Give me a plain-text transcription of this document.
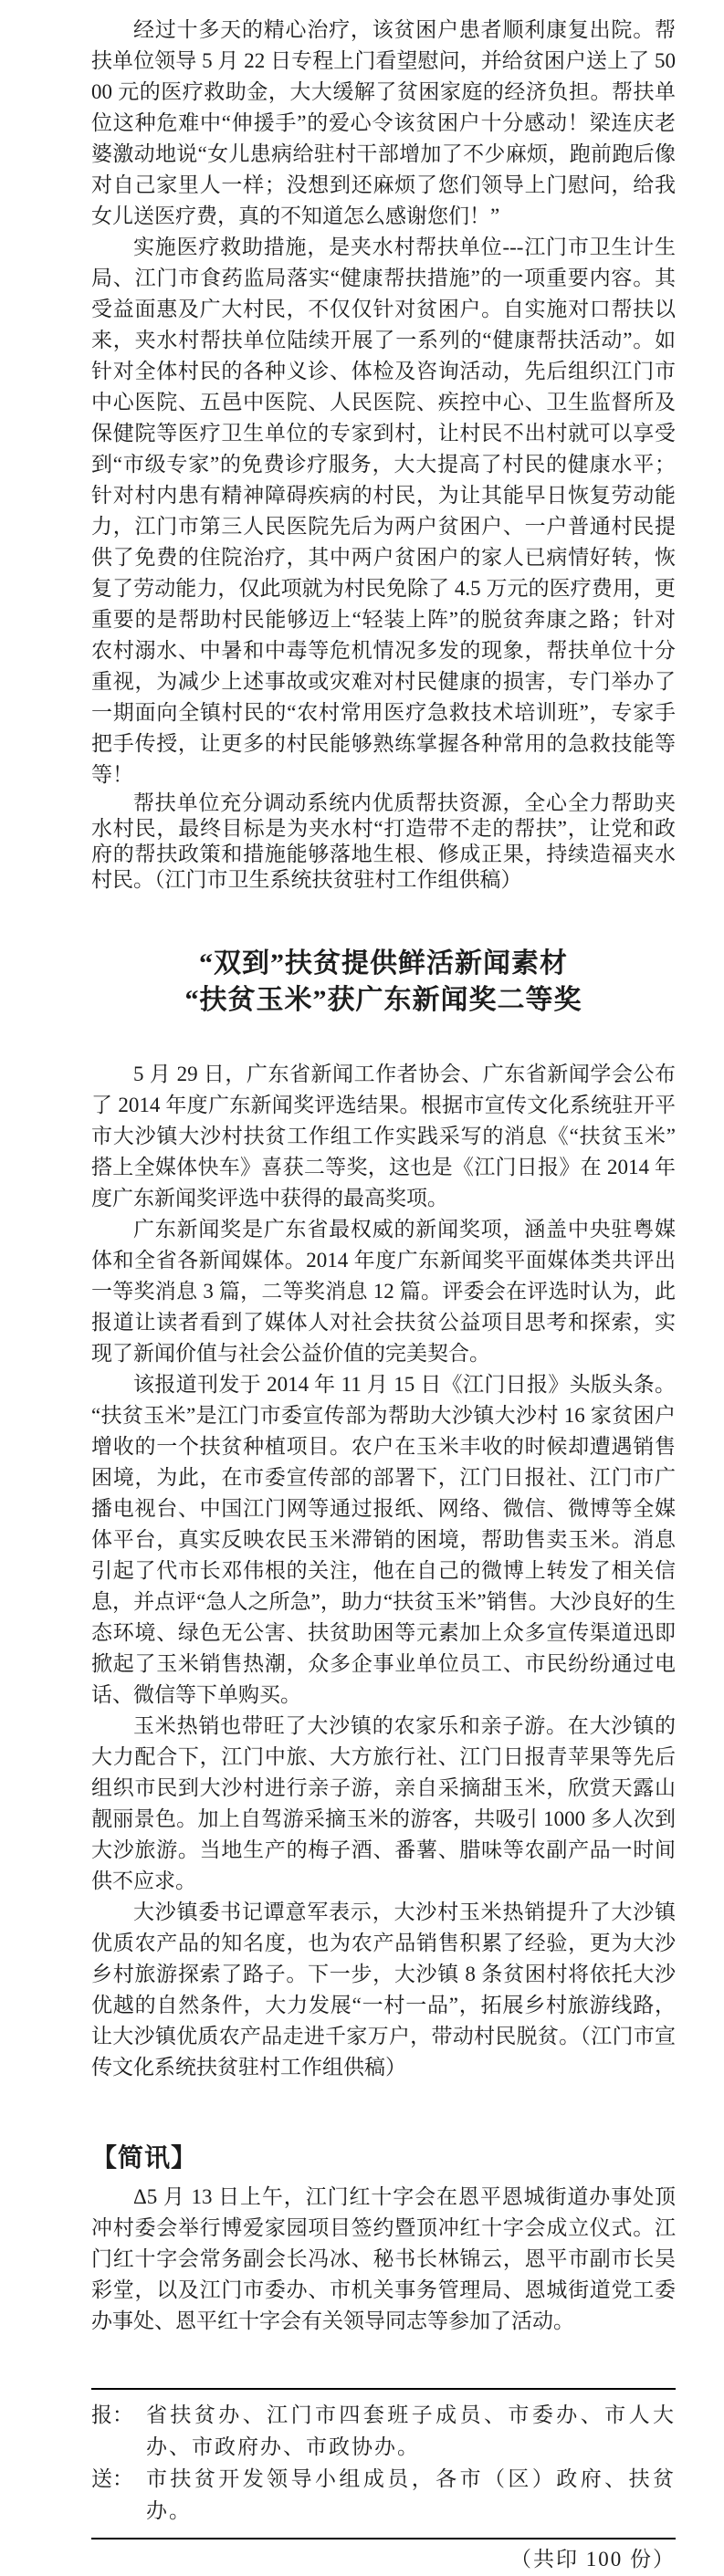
经过十多天的精心治疗，该贫困户患者顺利康复出院。帮扶单位领导 5 月 22 日专程上门看望慰问，并给贫困户送上了 5000 元的医疗救助金，大大缓解了贫困家庭的经济负担。帮扶单位这种危难中“伸援手”的爱心令该贫困户十分感动！梁连庆老婆激动地说“女儿患病给驻村干部增加了不少麻烦，跑前跑后像对自己家里人一样；没想到还麻烦了您们领导上门慰问，给我女儿送医疗费，真的不知道怎么感谢您们！”

实施医疗救助措施，是夹水村帮扶单位---江门市卫生计生局、江门市食药监局落实“健康帮扶措施”的一项重要内容。其受益面惠及广大村民，不仅仅针对贫困户。自实施对口帮扶以来，夹水村帮扶单位陆续开展了一系列的“健康帮扶活动”。如针对全体村民的各种义诊、体检及咨询活动，先后组织江门市中心医院、五邑中医院、人民医院、疾控中心、卫生监督所及保健院等医疗卫生单位的专家到村，让村民不出村就可以享受到“市级专家”的免费诊疗服务，大大提高了村民的健康水平；针对村内患有精神障碍疾病的村民，为让其能早日恢复劳动能力，江门市第三人民医院先后为两户贫困户、一户普通村民提供了免费的住院治疗，其中两户贫困户的家人已病情好转，恢复了劳动能力，仅此项就为村民免除了 4.5 万元的医疗费用，更重要的是帮助村民能够迈上“轻装上阵”的脱贫奔康之路；针对农村溺水、中暑和中毒等危机情况多发的现象，帮扶单位十分重视，为减少上述事故或灾难对村民健康的损害，专门举办了一期面向全镇村民的“农村常用医疗急救技术培训班”，专家手把手传授，让更多的村民能够熟练掌握各种常用的急救技能等等！

帮扶单位充分调动系统内优质帮扶资源，全心全力帮助夹水村民，最终目标是为夹水村“打造带不走的帮扶”，让党和政府的帮扶政策和措施能够落地生根、修成正果，持续造福夹水村民。（江门市卫生系统扶贫驻村工作组供稿）

“双到”扶贫提供鲜活新闻素材
“扶贫玉米”获广东新闻奖二等奖

5 月 29 日，广东省新闻工作者协会、广东省新闻学会公布了 2014 年度广东新闻奖评选结果。根据市宣传文化系统驻开平市大沙镇大沙村扶贫工作组工作实践采写的消息《“扶贫玉米”搭上全媒体快车》喜获二等奖，这也是《江门日报》在 2014 年度广东新闻奖评选中获得的最高奖项。

广东新闻奖是广东省最权威的新闻奖项，涵盖中央驻粤媒体和全省各新闻媒体。2014 年度广东新闻奖平面媒体类共评出一等奖消息 3 篇，二等奖消息 12 篇。评委会在评选时认为，此报道让读者看到了媒体人对社会扶贫公益项目思考和探索，实现了新闻价值与社会公益价值的完美契合。

该报道刊发于 2014 年 11 月 15 日《江门日报》头版头条。“扶贫玉米”是江门市委宣传部为帮助大沙镇大沙村 16 家贫困户增收的一个扶贫种植项目。农户在玉米丰收的时候却遭遇销售困境，为此，在市委宣传部的部署下，江门日报社、江门市广播电视台、中国江门网等通过报纸、网络、微信、微博等全媒体平台，真实反映农民玉米滞销的困境，帮助售卖玉米。消息引起了代市长邓伟根的关注，他在自己的微博上转发了相关信息，并点评“急人之所急”，助力“扶贫玉米”销售。大沙良好的生态环境、绿色无公害、扶贫助困等元素加上众多宣传渠道迅即掀起了玉米销售热潮，众多企事业单位员工、市民纷纷通过电话、微信等下单购买。

玉米热销也带旺了大沙镇的农家乐和亲子游。在大沙镇的大力配合下，江门中旅、大方旅行社、江门日报青苹果等先后组织市民到大沙村进行亲子游，亲自采摘甜玉米，欣赏天露山靓丽景色。加上自驾游采摘玉米的游客，共吸引 1000 多人次到大沙旅游。当地生产的梅子酒、番薯、腊味等农副产品一时间供不应求。

大沙镇委书记谭意军表示，大沙村玉米热销提升了大沙镇优质农产品的知名度，也为农产品销售积累了经验，更为大沙乡村旅游探索了路子。下一步，大沙镇 8 条贫困村将依托大沙优越的自然条件，大力发展“一村一品”，拓展乡村旅游线路，让大沙镇优质农产品走进千家万户，带动村民脱贫。（江门市宣传文化系统扶贫驻村工作组供稿）

【简讯】

Δ5 月 13 日上午，江门红十字会在恩平恩城街道办事处顶冲村委会举行博爱家园项目签约暨顶冲红十字会成立仪式。江门红十字会常务副会长冯冰、秘书长林锦云，恩平市副市长吴彩堂，以及江门市委办、市机关事务管理局、恩城街道党工委办事处、恩平红十字会有关领导同志等参加了活动。

报： 省扶贫办、江门市四套班子成员、市委办、市人大办、市政府办、市政协办。
送： 市扶贫开发领导小组成员，各市（区）政府、扶贫办。
（共印 100 份）
